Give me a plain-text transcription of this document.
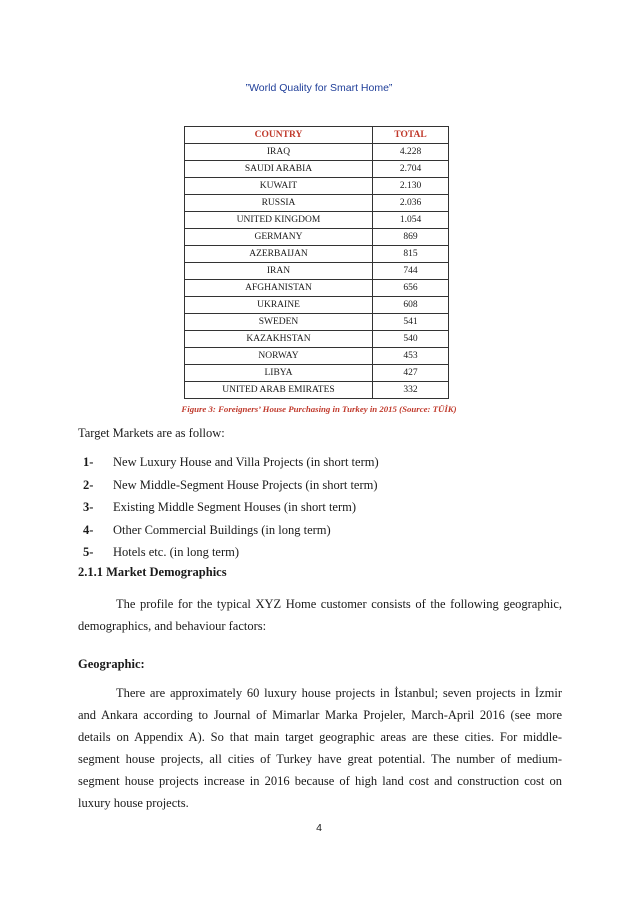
”World Quality for Smart Home”
COUNTRY	TOTAL
IRAQ	4.228
SAUDI ARABIA	2.704
KUWAIT	2.130
RUSSIA	2.036
UNITED KINGDOM	1.054
GERMANY	869
AZERBAIJAN	815
IRAN	744
AFGHANISTAN	656
UKRAINE	608
SWEDEN	541
KAZAKHSTAN	540
NORWAY	453
LIBYA	427
UNITED ARAB EMIRATES	332
Figure 3: Foreigners’ House Purchasing in Turkey in 2015 (Source: TÜİK)
Target Markets are as follow:
1-	New Luxury House and Villa Projects (in short term)
2-	New Middle-Segment House Projects (in short term)
3-	Existing Middle Segment Houses (in short term)
4-	Other Commercial Buildings (in long term)
5-	Hotels etc. (in long term)
2.1.1 Market Demographics
The profile for the typical XYZ Home customer consists of the following geographic, demographics, and behaviour factors:
Geographic:
There are approximately 60 luxury house projects in İstanbul; seven projects in İzmir and Ankara according to Journal of Mimarlar Marka Projeler, March-April 2016 (see more details on Appendix A). So that main target geographic areas are these cities. For middle-segment house projects, all cities of Turkey have great potential. The number of medium-segment house projects increase in 2016 because of high land cost and construction cost on luxury house projects.
4
